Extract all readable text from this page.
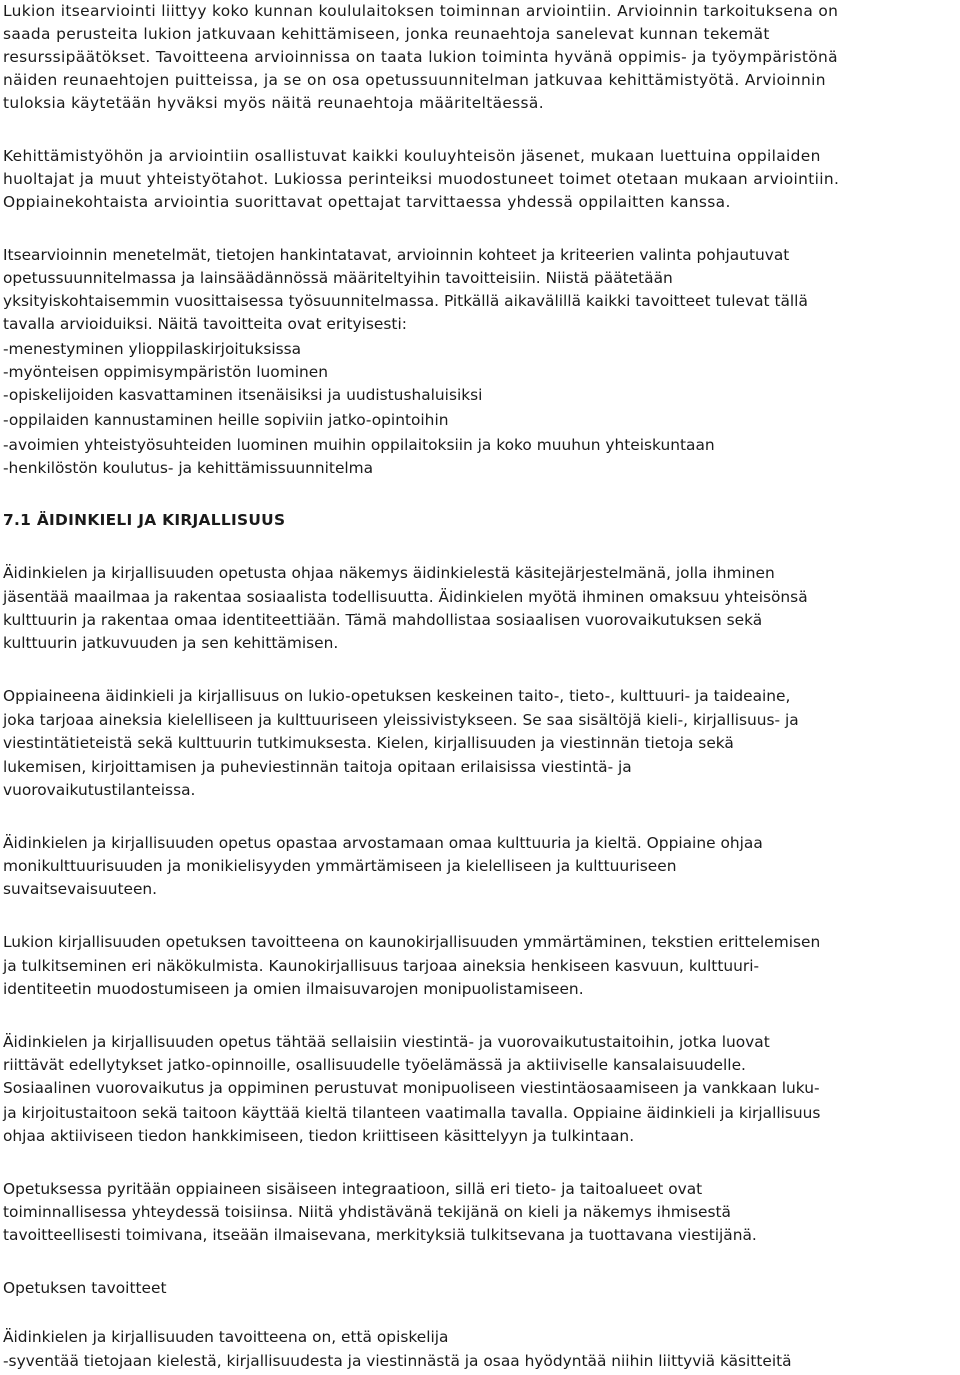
Lukion itsearviointi liittyy koko kunnan koululaitoksen toiminnan arviointiin. Arvioinnin tarkoituksena on
saada perusteita lukion jatkuvaan kehittämiseen, jonka reunaehtoja sanelevat kunnan tekemät
resurssipäätökset. Tavoitteena arvioinnissa on taata lukion toiminta hyvänä oppimis- ja työympäristönä
näiden reunaehtojen puitteissa, ja se on osa opetussuunnitelman jatkuvaa kehittämistyötä. Arvioinnin
tuloksia käytetään hyväksi myös näitä reunaehtoja määriteltäessä.
Kehittämistyöhön ja arviointiin osallistuvat kaikki kouluyhteisön jäsenet, mukaan luettuina oppilaiden
huoltajat ja muut yhteistyötahot. Lukiossa perinteiksi muodostuneet toimet otetaan mukaan arviointiin.
Oppiainekohtaista arviointia suorittavat opettajat tarvittaessa yhdessä oppilaitten kanssa.
Itsearvioinnin menetelmät, tietojen hankintatavat, arvioinnin kohteet ja kriteerien valinta pohjautuvat
opetussuunnitelmassa ja lainsäädännössä määriteltyihin tavoitteisiin. Niistä päätetään
yksityiskohtaisemmin vuosittaisessa työsuunnitelmassa. Pitkällä aikavälillä kaikki tavoitteet tulevat tällä
tavalla arvioiduiksi. Näitä tavoitteita ovat erityisesti:
-menestyminen ylioppilaskirjoituksissa
-myönteisen oppimisympäristön luominen
-opiskelijoiden kasvattaminen itsenäisiksi ja uudistushaluisiksi
-oppilaiden kannustaminen heille sopiviin jatko-opintoihin
-avoimien yhteistyösuhteiden luominen muihin oppilaitoksiin ja koko muuhun yhteiskuntaan
-henkilöstön koulutus- ja kehittämissuunnitelma
7.1 ÄIDINKIELI JA KIRJALLISUUS
Äidinkielen ja kirjallisuuden opetusta ohjaa näkemys äidinkielestä käsitejärjestelmänä, jolla ihminen
jäsentää maailmaa ja rakentaa sosiaalista todellisuutta. Äidinkielen myötä ihminen omaksuu yhteisönsä
kulttuurin ja rakentaa omaa identiteettiään. Tämä mahdollistaa sosiaalisen vuorovaikutuksen sekä
kulttuurin jatkuvuuden ja sen kehittämisen.
Oppiaineena äidinkieli ja kirjallisuus on lukio-opetuksen keskeinen taito-, tieto-, kulttuuri- ja taideaine,
joka tarjoaa aineksia kielelliseen ja kulttuuriseen yleissivistykseen. Se saa sisältöjä kieli-, kirjallisuus- ja
viestintätieteistä sekä kulttuurin tutkimuksesta. Kielen, kirjallisuuden ja viestinnän tietoja sekä
lukemisen, kirjoittamisen ja puheviestinnän taitoja opitaan erilaisissa viestintä- ja
vuorovaikutustilanteissa.
Äidinkielen ja kirjallisuuden opetus opastaa arvostamaan omaa kulttuuria ja kieltä. Oppiaine ohjaa
monikulttuurisuuden ja monikielisyyden ymmärtämiseen ja kielelliseen ja kulttuuriseen
suvaitsevaisuuteen.
Lukion kirjallisuuden opetuksen tavoitteena on kaunokirjallisuuden ymmärtäminen, tekstien erittelemisen
ja tulkitseminen eri näkökulmista. Kaunokirjallisuus tarjoaa aineksia henkiseen kasvuun, kulttuuri-
identiteetin muodostumiseen ja omien ilmaisuvarojen monipuolistamiseen.
Äidinkielen ja kirjallisuuden opetus tähtää sellaisiin viestintä- ja vuorovaikutustaitoihin, jotka luovat
riittävät edellytykset jatko-opinnoille, osallisuudelle työelämässä ja aktiiviselle kansalaisuudelle.
Sosiaalinen vuorovaikutus ja oppiminen perustuvat monipuoliseen viestintäosaamiseen ja vankkaan luku-
ja kirjoitustaitoon sekä taitoon käyttää kieltä tilanteen vaatimalla tavalla. Oppiaine äidinkieli ja kirjallisuus
ohjaa aktiiviseen tiedon hankkimiseen, tiedon kriittiseen käsittelyyn ja tulkintaan.
Opetuksessa pyritään oppiaineen sisäiseen integraatioon, sillä eri tieto- ja taitoalueet ovat
toiminnallisessa yhteydessä toisiinsa. Niitä yhdistävänä tekijänä on kieli ja näkemys ihmisestä
tavoitteellisesti toimivana, itseään ilmaisevana, merkityksiä tulkitsevana ja tuottavana viestijänä.
Opetuksen tavoitteet
Äidinkielen ja kirjallisuuden tavoitteena on, että opiskelija
-syventää tietojaan kielestä, kirjallisuudesta ja viestinnästä ja osaa hyödyntää niihin liittyviä käsitteitä
